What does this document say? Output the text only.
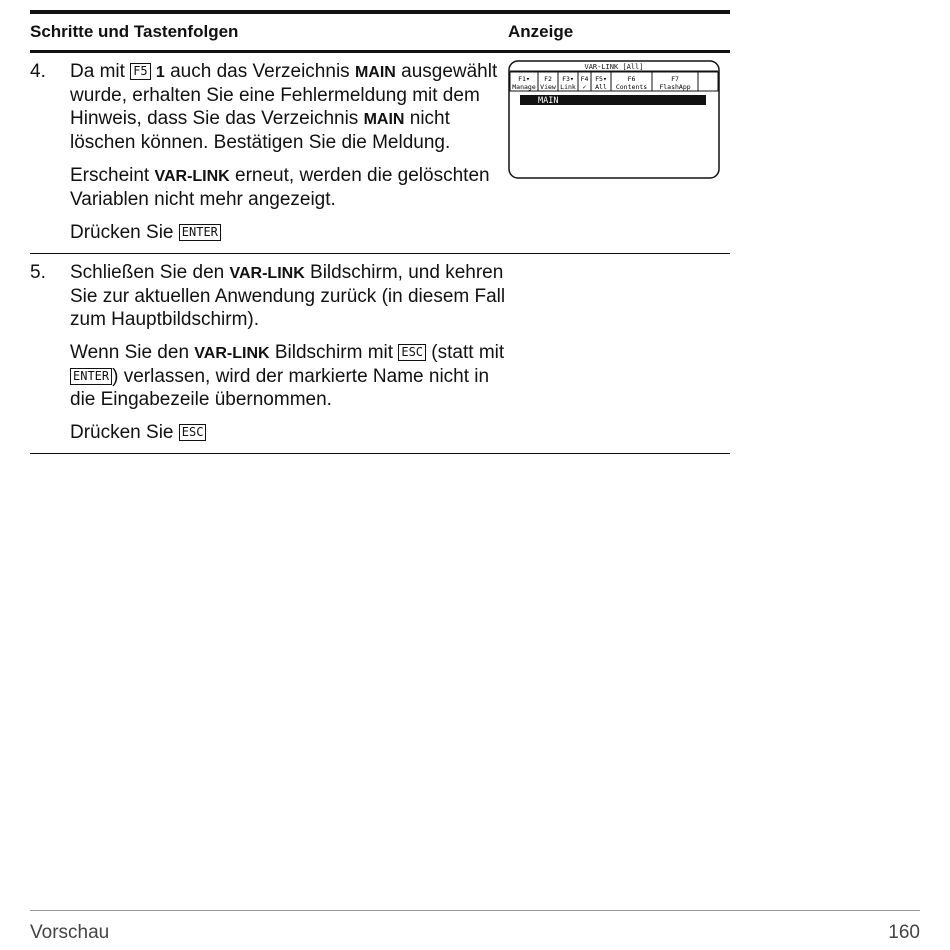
Schritte und Tastenfolgen	Anzeige
4.	Da mit F5 1 auch das Verzeichnis MAIN ausgewählt wurde, erhalten Sie eine Fehlermeldung mit dem Hinweis, dass Sie das Verzeichnis MAIN nicht löschen können. Bestätigen Sie die Meldung.

Erscheint VAR-LINK erneut, werden die gelöschten Variablen nicht mehr angezeigt.

Drücken Sie ENTER

VAR-LINK [All]
F1▾
Manage
F2
View
F3▾
Link
F4
✓
F5▾
All
F6
Contents
F7
FlashApp
MAIN
5.	Schließen Sie den VAR-LINK Bildschirm, und kehren Sie zur aktuellen Anwendung zurück (in diesem Fall zum Hauptbildschirm).

Wenn Sie den VAR-LINK Bildschirm mit ESC (statt mit ENTER ) verlassen, wird der markierte Name nicht in die Eingabezeile übernommen.

Drücken Sie ESC

Vorschau	160
